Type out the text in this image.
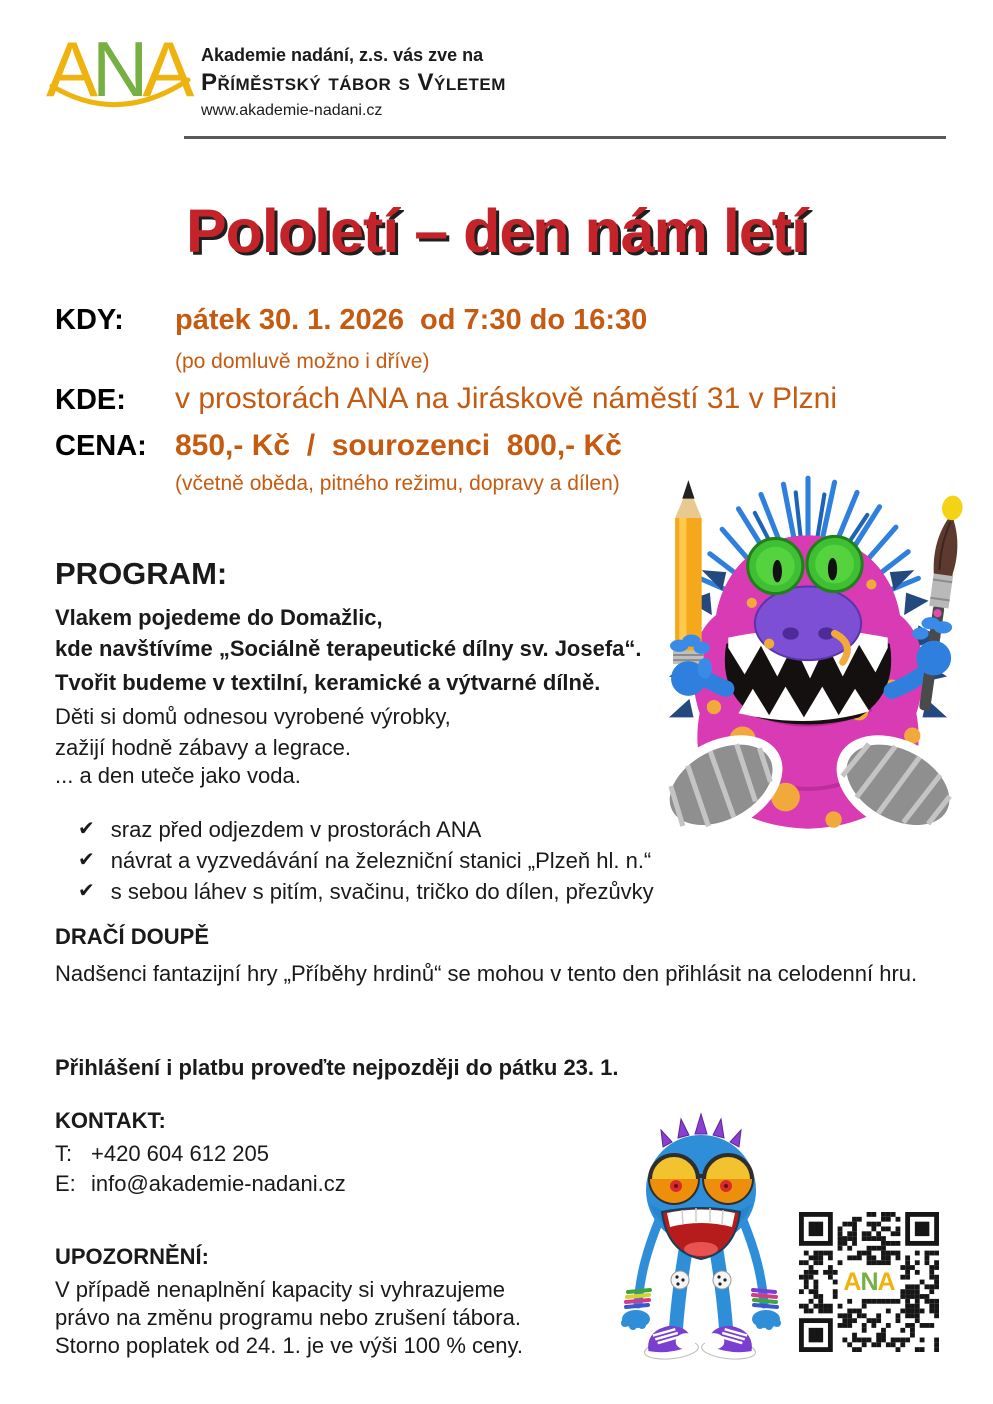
ANA Akademie nadání, z.s. vás zve na
Příměstský tábor s Výletem
www.akademie-nadani.cz
Pololetí – den nám letí
KDY: pátek 30. 1. 2026  od 7:30 do 16:30
(po domluvě možno i dříve)
KDE: v prostorách ANA na Jiráskově náměstí 31 v Plzni
CENA: 850,- Kč  /  sourozenci  800,- Kč
(včetně oběda, pitného režimu, dopravy a dílen)
PROGRAM:
Vlakem pojedeme do Domažlic,
kde navštívíme „Sociálně terapeutické dílny sv. Josefa“.
Tvořit budeme v textilní, keramické a výtvarné dílně.
Děti si domů odnesou vyrobené výrobky,
zažijí hodně zábavy a legrace.
... a den uteče jako voda.
✔ sraz před odjezdem v prostorách ANA
✔ návrat a vyzvedávání na železniční stanici „Plzeň hl. n.“
✔ s sebou láhev s pitím, svačinu, tričko do dílen, přezůvky
DRAČÍ DOUPĚ
Nadšenci fantazijní hry „Příběhy hrdinů“ se mohou v tento den přihlásit na celodenní hru.
Přihlášení i platbu proveďte nejpozději do pátku 23. 1.
KONTAKT:
T: +420 604 612 205
E: info@akademie-nadani.cz
ANA
UPOZORNĚNÍ:
V případě nenaplnění kapacity si vyhrazujeme
právo na změnu programu nebo zrušení tábora.
Storno poplatek od 24. 1. je ve výši 100 % ceny.
